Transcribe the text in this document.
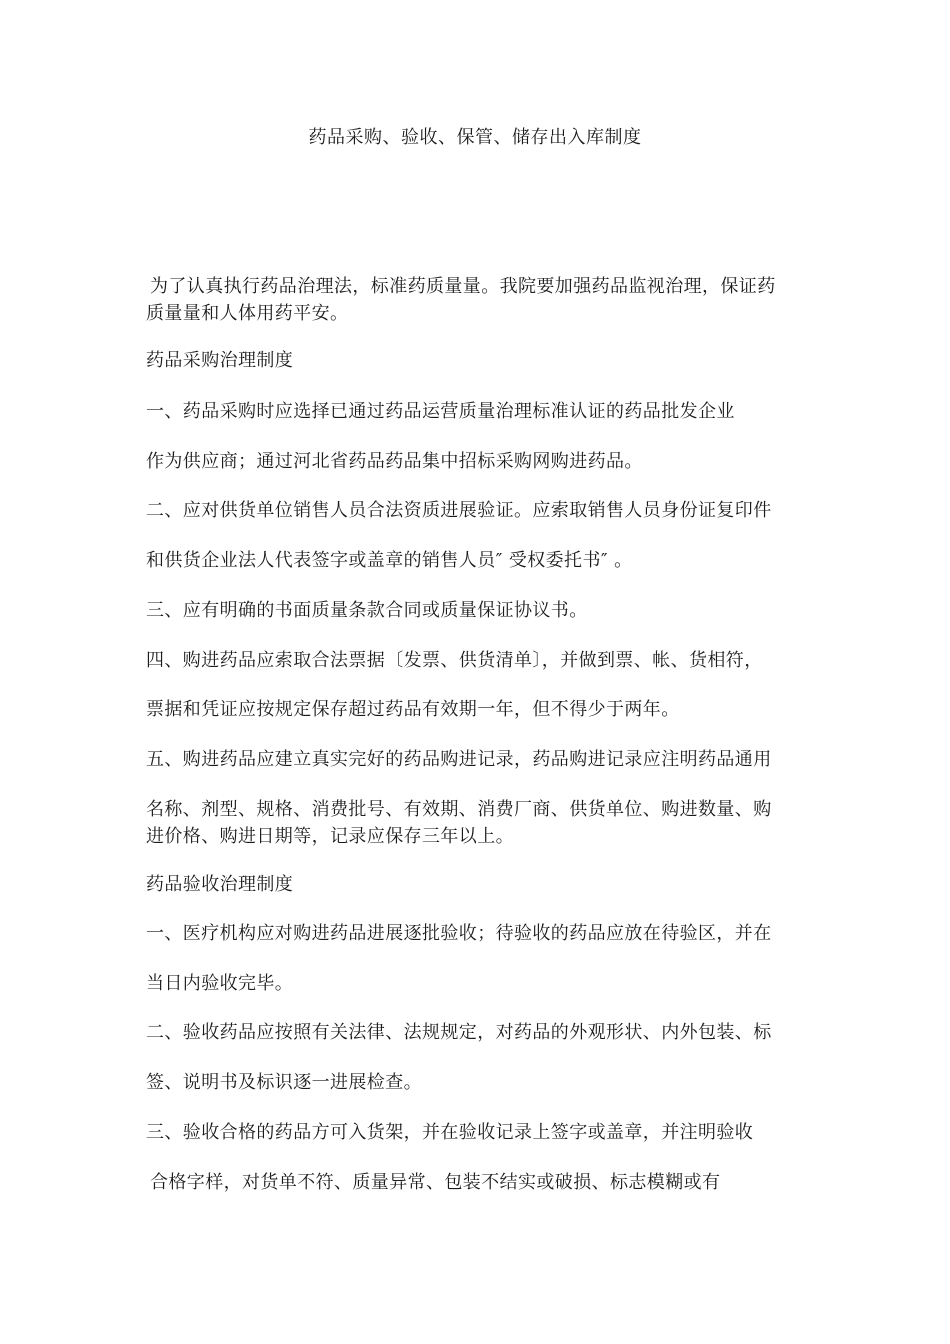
药品采购、验收、保管、储存出入库制度
为了认真执行药品治理法，标准药质量量。我院要加强药品监视治理，保证药
质量量和人体用药平安。
药品采购治理制度
一、药品采购时应选择已通过药品运营质量治理标准认证的药品批发企业
作为供应商；通过河北省药品药品集中招标采购网购进药品。
二、应对供货单位销售人员合法资质进展验证。应索取销售人员身份证复印件
和供货企业法人代表签字或盖章的销售人员″ 受权委托书″ 。
三、应有明确的书面质量条款合同或质量保证协议书。
四、购进药品应索取合法票据〔发票、供货清单〕，并做到票、帐、货相符，
票据和凭证应按规定保存超过药品有效期一年，但不得少于两年。
五、购进药品应建立真实完好的药品购进记录，药品购进记录应注明药品通用
名称、剂型、规格、消费批号、有效期、消费厂商、供货单位、购进数量、购
进价格、购进日期等，记录应保存三年以上。
药品验收治理制度
一、医疗机构应对购进药品进展逐批验收；待验收的药品应放在待验区，并在
当日内验收完毕。
二、验收药品应按照有关法律、法规规定，对药品的外观形状、内外包装、标
签、说明书及标识逐一进展检查。
三、验收合格的药品方可入货架，并在验收记录上签字或盖章，并注明验收
合格字样，对货单不符、质量异常、包装不结实或破损、标志模糊或有
